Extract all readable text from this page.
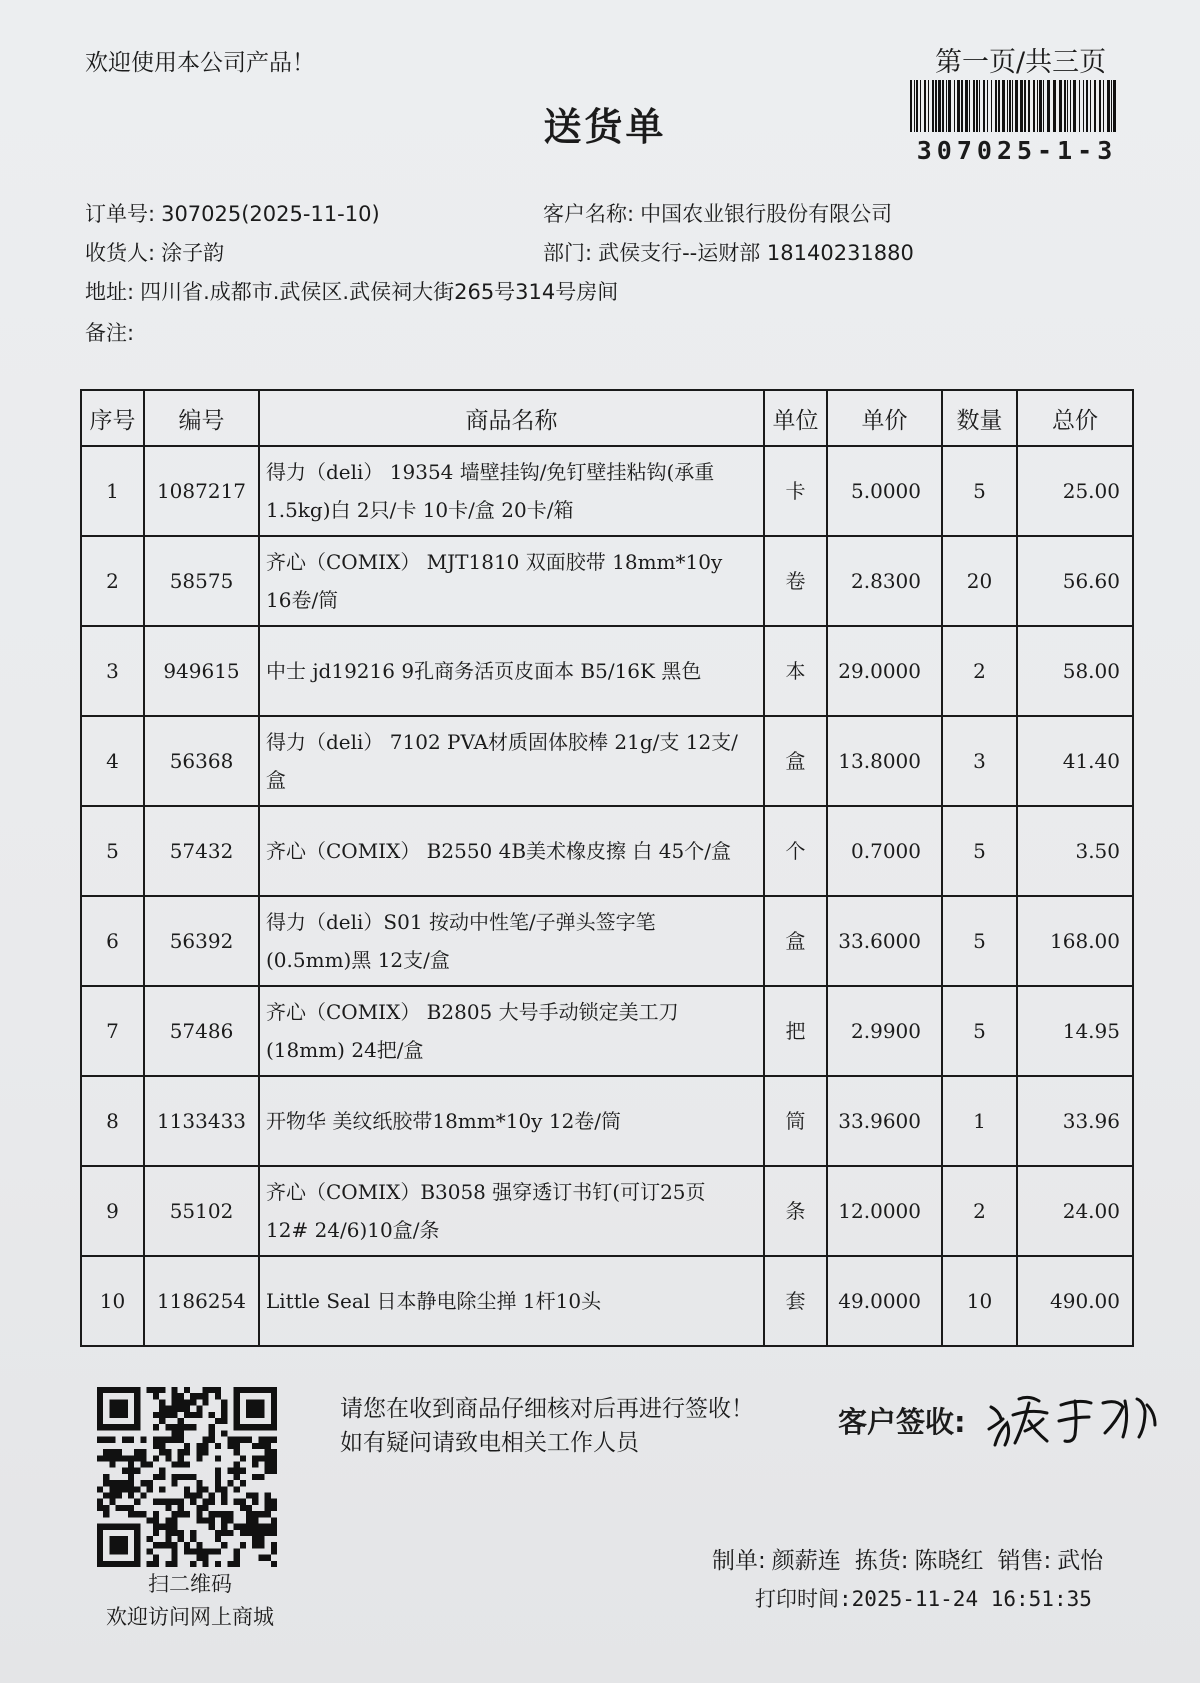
欢迎使用本公司产品！	第一页/共三页
送货单
307025-1-3
订单号: 307025(2025-11-10)	客户名称: 中国农业银行股份有限公司
收货人: 涂子韵	部门: 武侯支行--运财部 18140231880
地址: 四川省.成都市.武侯区.武侯祠大街265号314号房间
备注:
序号	编号	商品名称	单位	单价	数量	总价
1	1087217	得力（deli） 19354 墙壁挂钩/免钉壁挂粘钩(承重
1.5kg)白 2只/卡 10卡/盒 20卡/箱	卡	5.0000	5	25.00
2	58575	齐心（COMIX） MJT1810 双面胶带 18mm*10y
16卷/筒	卷	2.8300	20	56.60
3	949615	中士 jd19216 9孔商务活页皮面本 B5/16K 黑色	本	29.0000	2	58.00
4	56368	得力（deli） 7102 PVA材质固体胶棒 21g/支 12支/
盒	盒	13.8000	3	41.40
5	57432	齐心（COMIX） B2550 4B美术橡皮擦 白 45个/盒	个	0.7000	5	3.50
6	56392	得力（deli）S01 按动中性笔/子弹头签字笔
(0.5mm)黑 12支/盒	盒	33.6000	5	168.00
7	57486	齐心（COMIX） B2805 大号手动锁定美工刀
(18mm) 24把/盒	把	2.9900	5	14.95
8	1133433	开物华 美纹纸胶带18mm*10y 12卷/筒	筒	33.9600	1	33.96
9	55102	齐心（COMIX）B3058 强穿透订书钉(可订25页
12# 24/6)10盒/条	条	12.0000	2	24.00
10	1186254	Little Seal 日本静电除尘掸 1杆10头	套	49.0000	10	490.00
扫二维码
欢迎访问网上商城
请您在收到商品仔细核对后再进行签收！如有疑问请致电相关工作人员
客户签收:
制单: 颜薪连 拣货: 陈晓红 销售: 武怡
打印时间:2025-11-24 16:51:35
